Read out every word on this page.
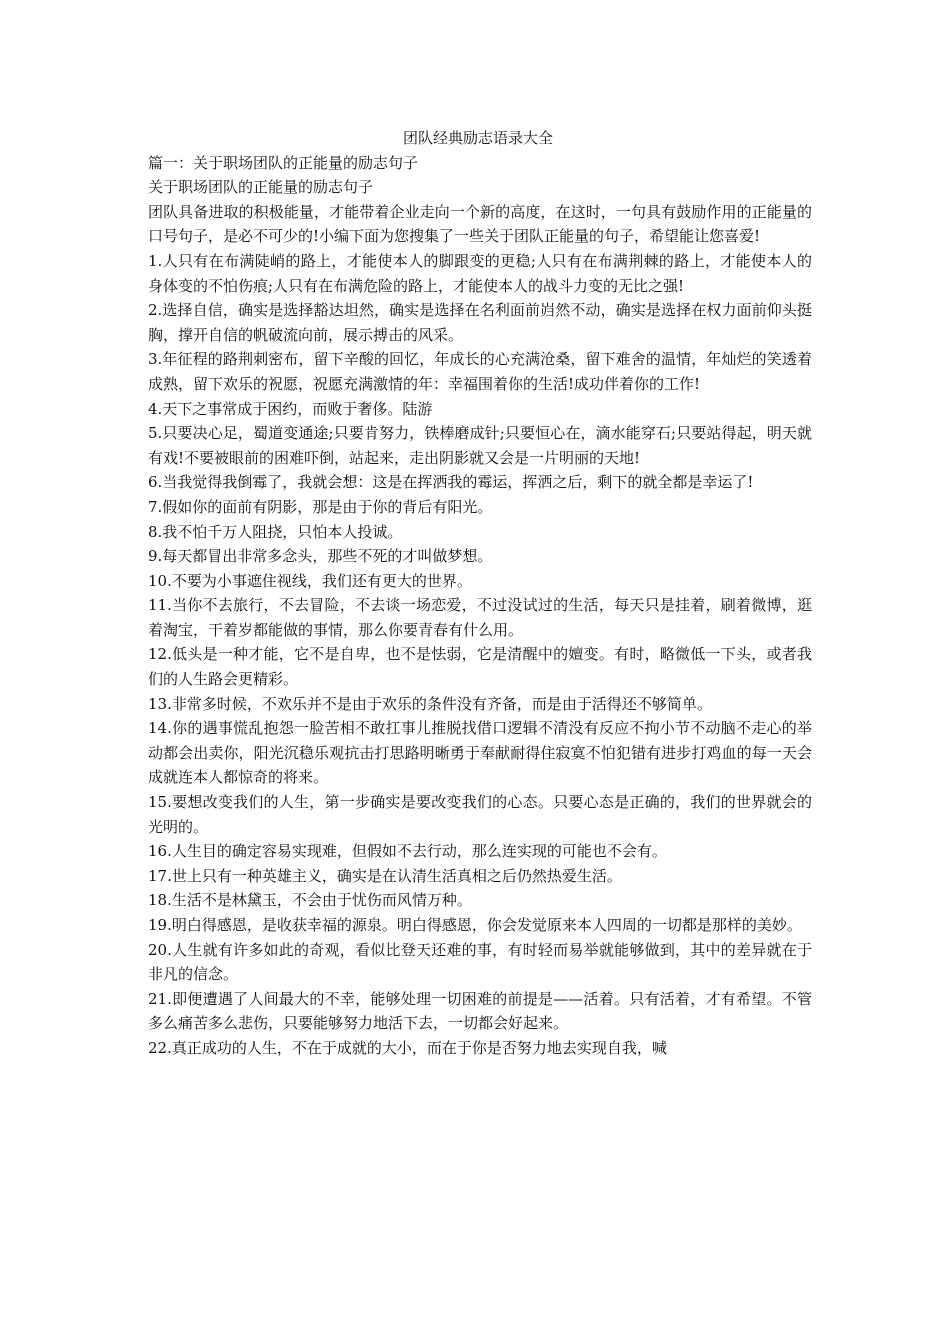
团队经典励志语录大全

篇一：关于职场团队的正能量的励志句子

关于职场团队的正能量的励志句子

团队具备进取的积极能量，才能带着企业走向一个新的高度，在这时，一句具有鼓励作用的正能量的口号句子，是必不可少的!小编下面为您搜集了一些关于团队正能量的句子，希望能让您喜爱!

1.人只有在布满陡峭的路上，才能使本人的脚跟变的更稳;人只有在布满荆棘的路上，才能使本人的身体变的不怕伤痕;人只有在布满危险的路上，才能使本人的战斗力变的无比之强!

2.选择自信，确实是选择豁达坦然，确实是选择在名利面前岿然不动，确实是选择在权力面前仰头挺胸，撑开自信的帆破流向前，展示搏击的风采。

3.年征程的路荆刺密布，留下辛酸的回忆，年成长的心充满沧桑，留下难舍的温情，年灿烂的笑透着成熟，留下欢乐的祝愿，祝愿充满激情的年：幸福围着你的生活!成功伴着你的工作!

4.天下之事常成于困约，而败于奢侈。陆游

5.只要决心足，蜀道变通途;只要肯努力，铁棒磨成针;只要恒心在，滴水能穿石;只要站得起，明天就有戏!不要被眼前的困难吓倒，站起来，走出阴影就又会是一片明丽的天地!

6.当我觉得我倒霉了，我就会想：这是在挥洒我的霉运，挥洒之后，剩下的就全都是幸运了!

7.假如你的面前有阴影，那是由于你的背后有阳光。

8.我不怕千万人阻挠，只怕本人投诚。

9.每天都冒出非常多念头，那些不死的才叫做梦想。

10.不要为小事遮住视线，我们还有更大的世界。

11.当你不去旅行，不去冒险，不去谈一场恋爱，不过没试过的生活，每天只是挂着，刷着微博，逛着淘宝，干着岁都能做的事情，那么你要青春有什么用。

12.低头是一种才能，它不是自卑，也不是怯弱，它是清醒中的嬗变。有时，略微低一下头，或者我们的人生路会更精彩。

13.非常多时候，不欢乐并不是由于欢乐的条件没有齐备，而是由于活得还不够简单。

14.你的遇事慌乱抱怨一脸苦相不敢扛事儿推脱找借口逻辑不清没有反应不拘小节不动脑不走心的举动都会出卖你，阳光沉稳乐观抗击打思路明晰勇于奉献耐得住寂寞不怕犯错有进步打鸡血的每一天会成就连本人都惊奇的将来。

15.要想改变我们的人生，第一步确实是要改变我们的心态。只要心态是正确的，我们的世界就会的光明的。

16.人生目的确定容易实现难，但假如不去行动，那么连实现的可能也不会有。

17.世上只有一种英雄主义，确实是在认清生活真相之后仍然热爱生活。

18.生活不是林黛玉，不会由于忧伤而风情万种。

19.明白得感恩，是收获幸福的源泉。明白得感恩，你会发觉原来本人四周的一切都是那样的美妙。

20.人生就有许多如此的奇观，看似比登天还难的事，有时轻而易举就能够做到，其中的差异就在于非凡的信念。

21.即便遭遇了人间最大的不幸，能够处理一切困难的前提是——活着。只有活着，才有希望。不管多么痛苦多么悲伤，只要能够努力地活下去，一切都会好起来。

22.真正成功的人生，不在于成就的大小，而在于你是否努力地去实现自我，喊
